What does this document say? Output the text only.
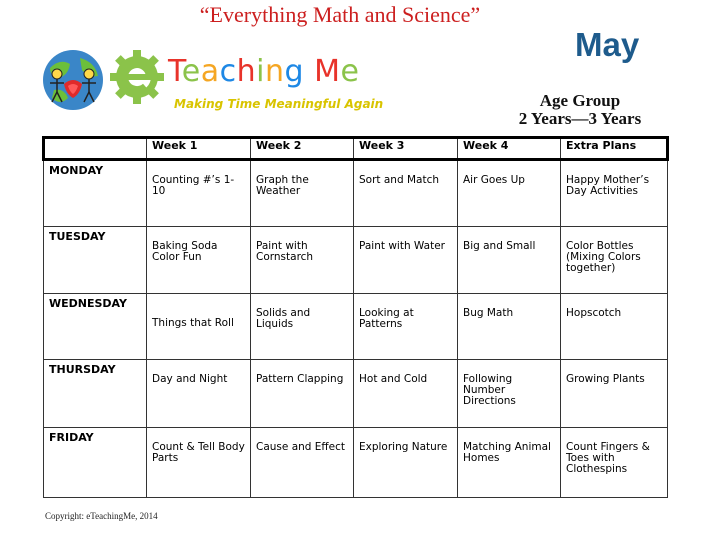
“Everything Math and Science”
Teaching Me
Making Time Meaningful Again
May
Age Group
2 Years—3 Years
	Week 1	Week 2	Week 3	Week 4	Extra Plans
MONDAY	Counting #’s 1-10	Graph the Weather	Sort and Match	Air Goes Up	Happy Mother’s Day Activities
TUESDAY	Baking Soda Color Fun	Paint with Cornstarch	Paint with Water	Big and Small	Color Bottles (Mixing Colors together)
WEDNESDAY	Things that Roll	Solids and Liquids	Looking at Patterns	Bug Math	Hopscotch
THURSDAY	Day and Night	Pattern Clapping	Hot and Cold	Following Number Directions	Growing Plants
FRIDAY	Count & Tell Body Parts	Cause and Effect	Exploring Nature	Matching Animal Homes	Count Fingers & Toes with Clothespins
Copyright: eTeachingMe, 2014
